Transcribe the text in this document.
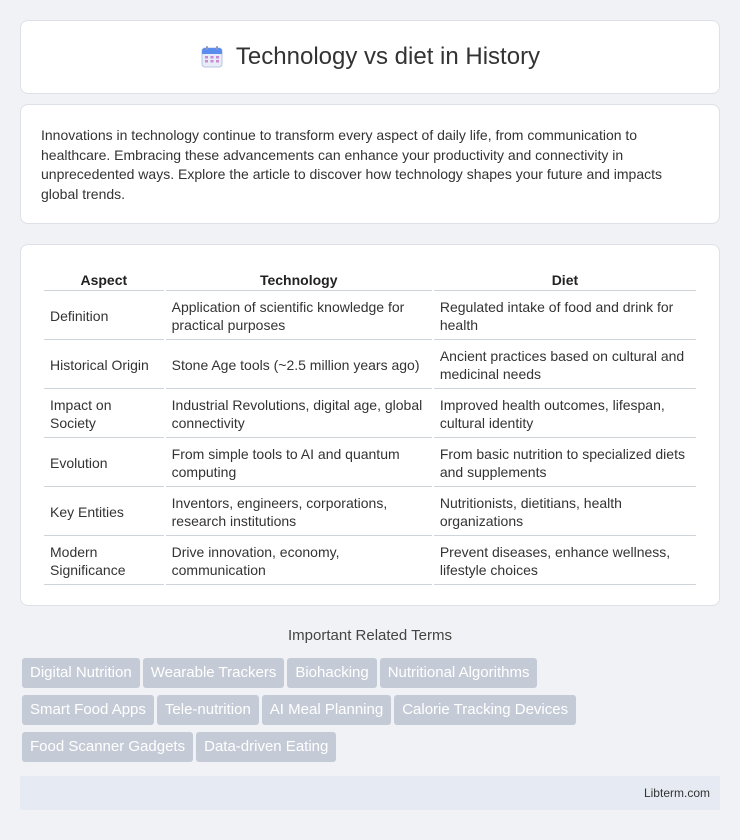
Technology vs diet in History

Innovations in technology continue to transform every aspect of daily life, from communication to healthcare. Embracing these advancements can enhance your productivity and connectivity in unprecedented ways. Explore the article to discover how technology shapes your future and impacts global trends.

Aspect	Technology	Diet
Definition	Application of scientific knowledge for practical purposes	Regulated intake of food and drink for health
Historical Origin	Stone Age tools (~2.5 million years ago)	Ancient practices based on cultural and medicinal needs
Impact on Society	Industrial Revolutions, digital age, global connectivity	Improved health outcomes, lifespan, cultural identity
Evolution	From simple tools to AI and quantum computing	From basic nutrition to specialized diets and supplements
Key Entities	Inventors, engineers, corporations, research institutions	Nutritionists, dietitians, health organizations
Modern Significance	Drive innovation, economy, communication	Prevent diseases, enhance wellness, lifestyle choices
Important Related Terms
Digital Nutrition Wearable Trackers Biohacking Nutritional Algorithms
Smart Food Apps Tele-nutrition AI Meal Planning Calorie Tracking Devices
Food Scanner Gadgets Data-driven Eating
Libterm.com
